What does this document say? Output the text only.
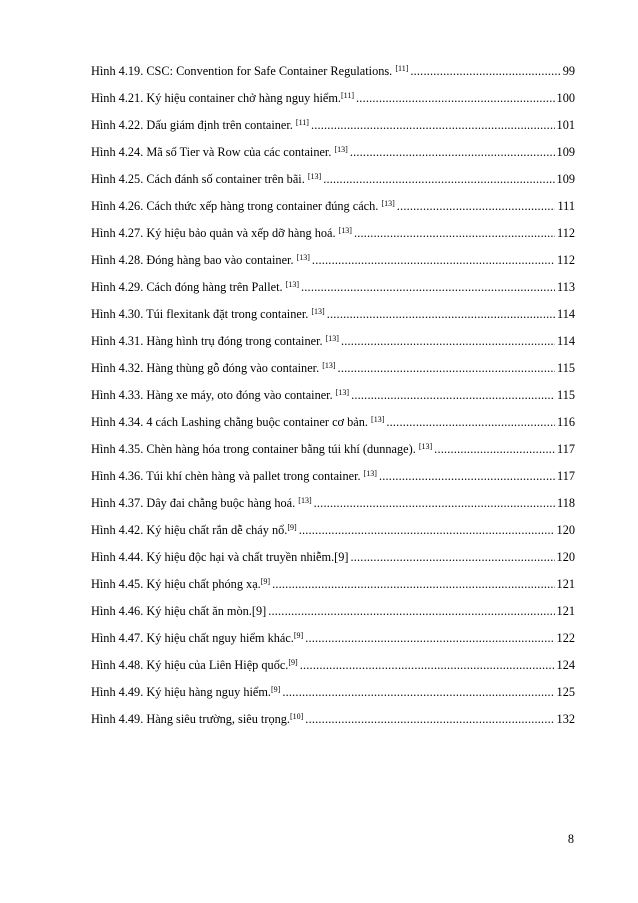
Hình 4.19. CSC: Convention for Safe Container Regulations. [11] .....	99
Hình 4.21. Ký hiệu container chở hàng nguy hiểm.[11] .....	100
Hình 4.22. Dấu giám định trên container. [11] .....	101
Hình 4.24. Mã số Tier và Row của các container. [13] .....	109
Hình 4.25. Cách đánh số container trên bãi. [13] .....	109
Hình 4.26. Cách thức xếp hàng trong container đúng cách. [13] .....	111
Hình 4.27. Ký hiệu bảo quản và xếp dỡ hàng hoá. [13] .....	112
Hình 4.28. Đóng hàng bao vào container. [13] .....	112
Hình 4.29. Cách đóng hàng trên Pallet. [13] .....	113
Hình 4.30. Túi flexitank đặt trong container. [13] .....	114
Hình 4.31. Hàng hình trụ đóng trong container. [13] .....	114
Hình 4.32. Hàng thùng gỗ đóng vào container. [13] .....	115
Hình 4.33. Hàng xe máy, oto đóng vào container. [13] .....	115
Hình 4.34. 4 cách Lashing chằng buộc container cơ bản. [13] .....	116
Hình 4.35. Chèn hàng hóa trong container bằng túi khí (dunnage). [13] .....	117
Hình 4.36. Túi khí chèn hàng và pallet trong container. [13] .....	117
Hình 4.37. Dây đai chằng buộc hàng hoá. [13] .....	118
Hình 4.42. Ký hiệu chất rắn dễ cháy nổ.[9] .....	120
Hình 4.44. Ký hiệu độc hại và chất truyền nhiễm.[9] .....	120
Hình 4.45. Ký hiệu chất phóng xạ.[9] .....	121
Hình 4.46. Ký hiệu chất ăn mòn.[9] .....	121
Hình 4.47. Ký hiệu chất nguy hiểm khác.[9] .....	122
Hình 4.48. Ký hiệu của Liên Hiệp quốc.[9] .....	124
Hình 4.49. Ký hiệu hàng nguy hiểm.[9] .....	125
Hình 4.49. Hàng siêu trường, siêu trọng.[10] .....	132
8
